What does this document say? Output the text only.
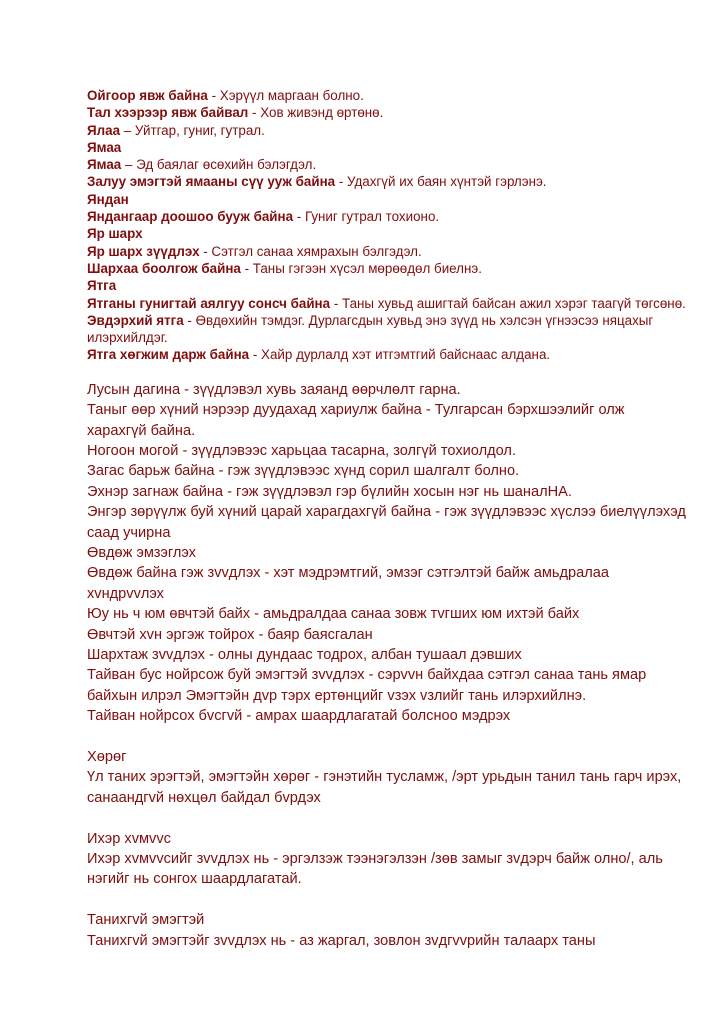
Ойгоор явж байна - Хэрүүл маргаан болно.

Тал хээрээр явж байвал - Хов живэнд өртөнө.

Ялаа – Уйтгар, гуниг, гутрал.

Ямаа

Ямаа – Эд баялаг өсөхийн бэлэгдэл.

Залуу эмэгтэй ямааны сүү ууж байна - Удахгүй их баян хүнтэй гэрлэнэ.

Яндан

Яндангаар доошоо бууж байна - Гуниг гутрал тохионо.

Яр шарх

Яр шарх зүүдлэх - Сэтгэл санаа хямрахын бэлгэдэл.

Шархаа боолгож байна - Таны гэгээн хүсэл мөрөөдөл биелнэ.

Ятга

Ятганы гунигтай аялгуу сонсч байна - Таны хувьд ашигтай байсан ажил хэрэг таагүй төгсөнө.

Эвдэрхий ятга - Өвдөхийн тэмдэг. Дурлагсдын хувьд энэ зүүд нь хэлсэн үгнээсээ няцахыг илэрхийлдэг.

Ятга хөгжим дарж байна - Хайр дурлалд хэт итгэмтгий байснаас алдана.

Лусын дагина - зүүдлэвэл хувь заяанд өөрчлөлт гарна.

Таныг өөр хүний нэрээр дуудахад хариулж байна - Тулгарсан бэрхшээлийг олж харахгүй байна.

Ногоон могой - зүүдлэвээс харьцаа тасарна, золгүй тохиолдол.

Загас барьж байна - гэж зүүдлэвээс хүнд сорил шалгалт болно.

Эхнэр загнаж байна - гэж зүүдлэвэл гэр бүлийн хосын нэг нь шаналНА.

Энгэр зөрүүлж буй хүний царай харагдахгүй байна - гэж зүүдлэвээс хүслээ биелүүлэхэд саад учирна

Өвдөж эмзэглэх

Өвдөж байна гэж зvvдлэх - хэт мэдрэмтгий, эмзэг сэтгэлтэй байж амьдралаа хvндрvvлэх

Юу нь ч юм өвчтэй байх - амьдралдаа санаа зовж тvгших юм ихтэй байх

Өвчтэй хvн эргэж тойрох - баяр баясгалан

Шархтаж зvvдлэх - олны дундаас тодрох, албан тушаал дэвших

Тайван бус нойрсож буй эмэгтэй зvvдлэх - сэрvvн байхдаа сэтгэл санаа тань ямар байхын илрэл Эмэгтэйн дvр тэрх ертөнцийг vзэх vзлийг тань илэрхийлнэ.

Тайван нойрсох бvсгvй - амрах шаардлагатай болсноо мэдрэх

Хөрөг

Үл таних эрэгтэй, эмэгтэйн хөрөг - гэнэтийн тусламж, /эрт урьдын танил тань гарч ирэх, санаандгvй нөхцөл байдал бvрдэх

Ихэр хvмvvс

Ихэр хvмvvсийг зvvдлэх нь - эргэлзэж тээнэгэлзэн /зөв замыг зvдэрч байж олно/, аль нэгийг нь сонгох шаардлагатай.

Танихгvй эмэгтэй

Танихгvй эмэгтэйг зvvдлэх нь - аз жаргал, зовлон зvдгvvрийн талаарх таны
